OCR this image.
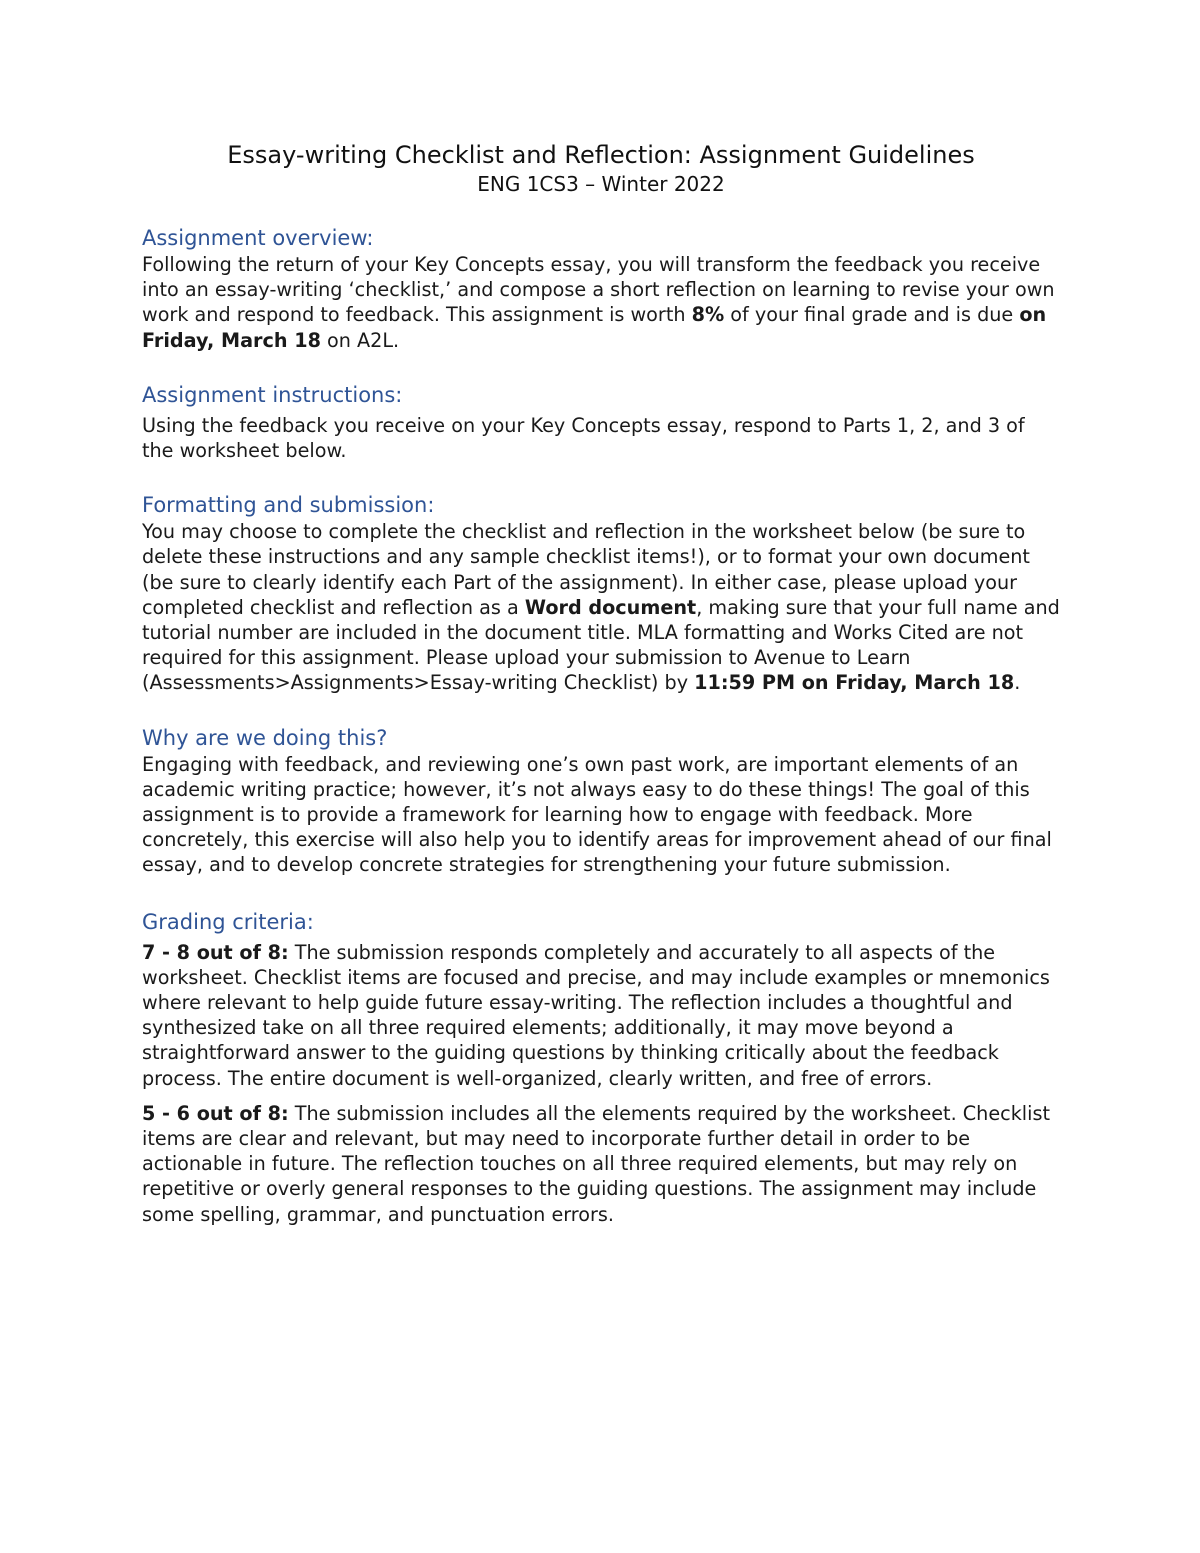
Essay-writing Checklist and Reflection: Assignment Guidelines
ENG 1CS3 – Winter 2022
Assignment overview:

Following the return of your Key Concepts essay, you will transform the feedback you receive into an essay-writing ‘checklist,’ and compose a short reflection on learning to revise your own work and respond to feedback. This assignment is worth 8% of your final grade and is due on Friday, March 18 on A2L.

Assignment instructions:

Using the feedback you receive on your Key Concepts essay, respond to Parts 1, 2, and 3 of the worksheet below.

Formatting and submission:

You may choose to complete the checklist and reflection in the worksheet below (be sure to delete these instructions and any sample checklist items!), or to format your own document (be sure to clearly identify each Part of the assignment). In either case, please upload your completed checklist and reflection as a Word document, making sure that your full name and tutorial number are included in the document title. MLA formatting and Works Cited are not required for this assignment. Please upload your submission to Avenue to Learn (Assessments>Assignments>Essay-writing Checklist) by 11:59 PM on Friday, March 18.

Why are we doing this?

Engaging with feedback, and reviewing one’s own past work, are important elements of an academic writing practice; however, it’s not always easy to do these things! The goal of this assignment is to provide a framework for learning how to engage with feedback. More concretely, this exercise will also help you to identify areas for improvement ahead of our final essay, and to develop concrete strategies for strengthening your future submission.

Grading criteria:

7 - 8 out of 8: The submission responds completely and accurately to all aspects of the worksheet. Checklist items are focused and precise, and may include examples or mnemonics where relevant to help guide future essay-writing. The reflection includes a thoughtful and synthesized take on all three required elements; additionally, it may move beyond a straightforward answer to the guiding questions by thinking critically about the feedback process. The entire document is well-organized, clearly written, and free of errors.

5 - 6 out of 8: The submission includes all the elements required by the worksheet. Checklist items are clear and relevant, but may need to incorporate further detail in order to be actionable in future. The reflection touches on all three required elements, but may rely on repetitive or overly general responses to the guiding questions. The assignment may include some spelling, grammar, and punctuation errors.
